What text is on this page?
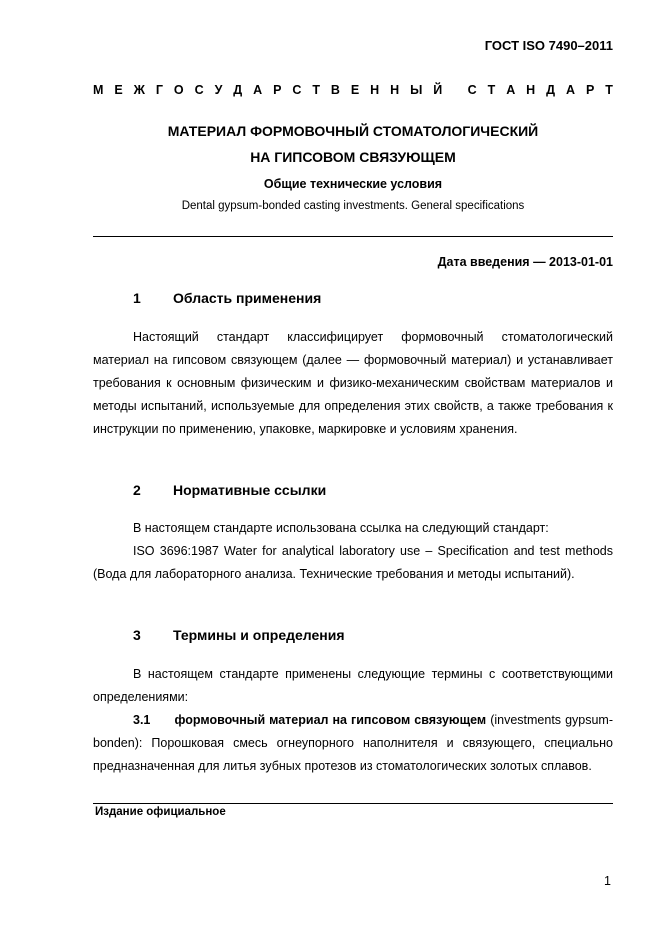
ГОСТ ISO 7490–2011
М Е Ж Г О С У Д А Р С Т В Е Н Н Ы Й
С Т А Н Д А Р Т
МАТЕРИАЛ ФОРМОВОЧНЫЙ СТОМАТОЛОГИЧЕСКИЙ
НА ГИПСОВОМ СВЯЗУЮЩЕМ
Общие технические условия
Dental gypsum-bonded casting investments. General specifications
Дата введения — 2013-01-01
1	Область применения
Настоящий стандарт классифицирует формовочный стоматологический материал на гипсовом связующем (далее — формовочный материал) и устанавливает требования к основным физическим и физико-механическим свойствам материалов и методы испытаний, используемые для определения этих свойств, а также требования к инструкции по применению, упаковке, маркировке и условиям хранения.
2	Нормативные ссылки
В настоящем стандарте использована ссылка на следующий стандарт:
ISO 3696:1987 Water for analytical laboratory use – Specification and test methods (Вода для лабораторного анализа. Технические требования и методы испытаний).
3	Термины и определения
В настоящем стандарте применены следующие термины с соответствующими определениями:
3.1 формовочный материал на гипсовом связующем (investments gypsum-bonden): Порошковая смесь огнеупорного наполнителя и связующего, специально предназначенная для литья зубных протезов из стоматологических золотых сплавов.
Издание официальное
1
